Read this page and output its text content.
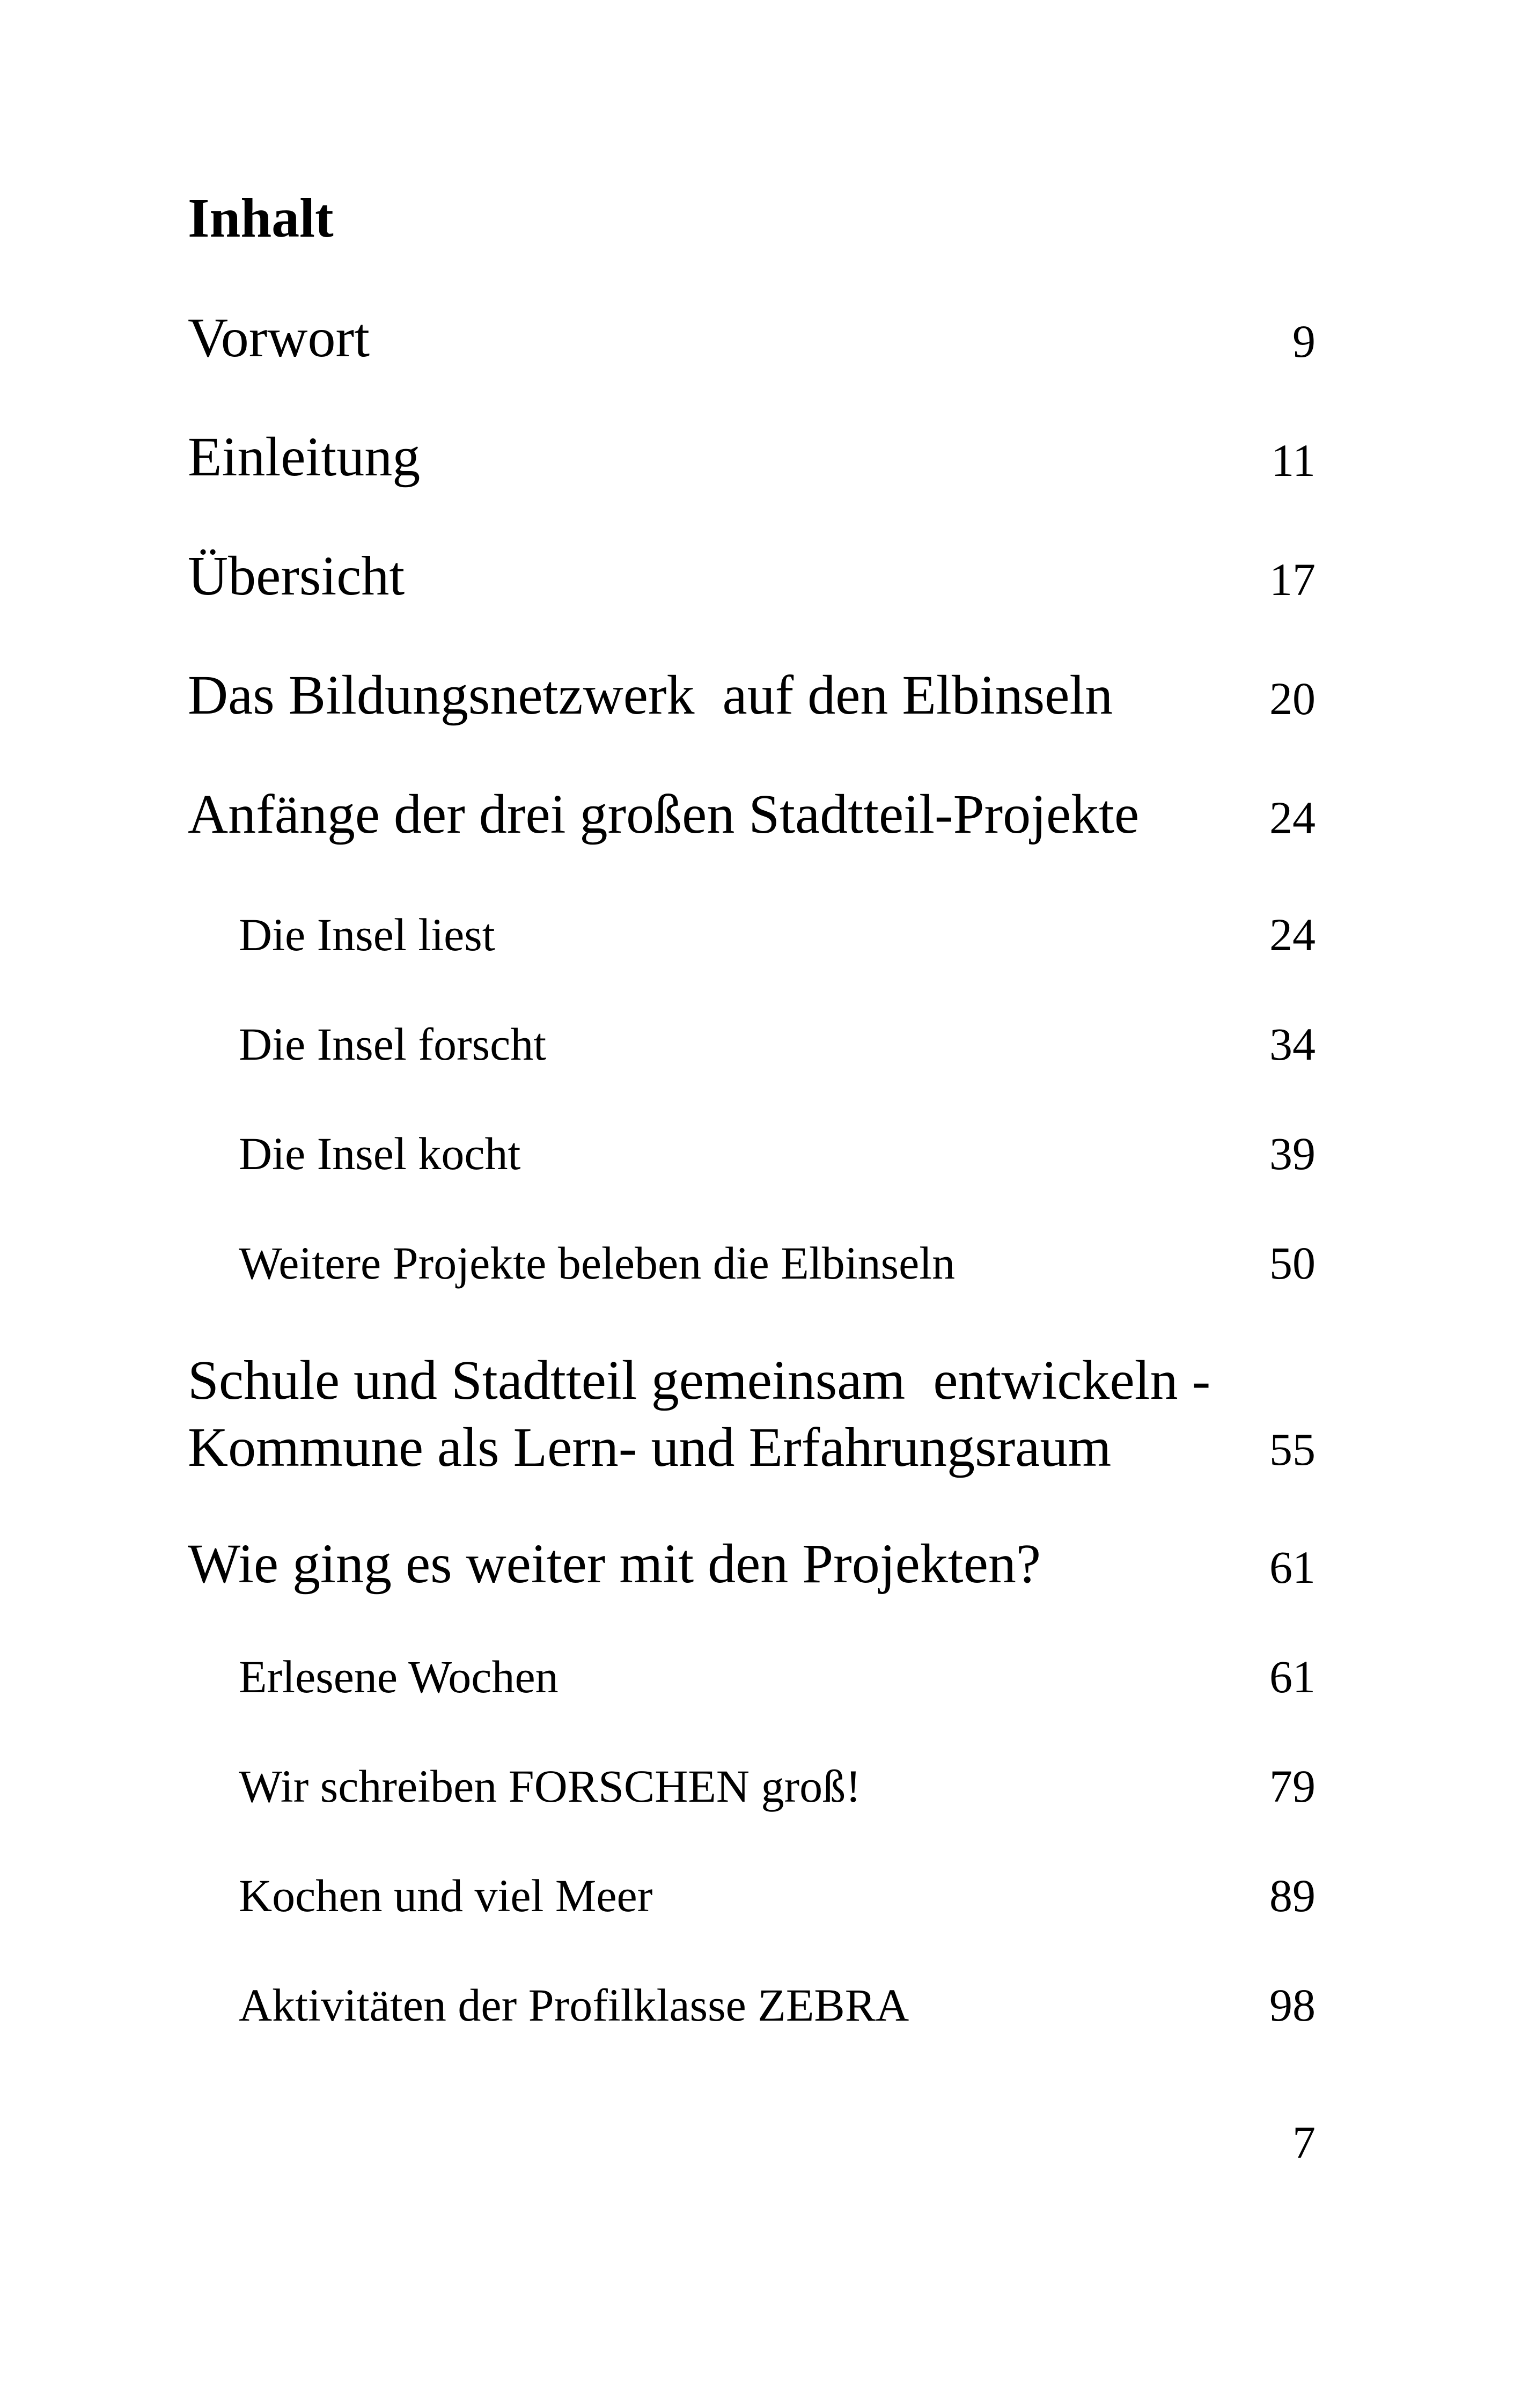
Inhalt
Vorwort	9
Einleitung	11
Übersicht	17
Das Bildungsnetzwerk  auf den Elbinseln	20
Anfänge der drei großen Stadtteil-Projekte	24
Die Insel liest	24
Die Insel forscht	34
Die Insel kocht	39
Weitere Projekte beleben die Elbinseln	50
Schule und Stadtteil gemeinsam  entwickeln -
Kommune als Lern- und Erfahrungsraum	55
Wie ging es weiter mit den Projekten?	61
Erlesene Wochen	61
Wir schreiben FORSCHEN groß!	79
Kochen und viel Meer	89
Aktivitäten der Profilklasse ZEBRA	98
7
